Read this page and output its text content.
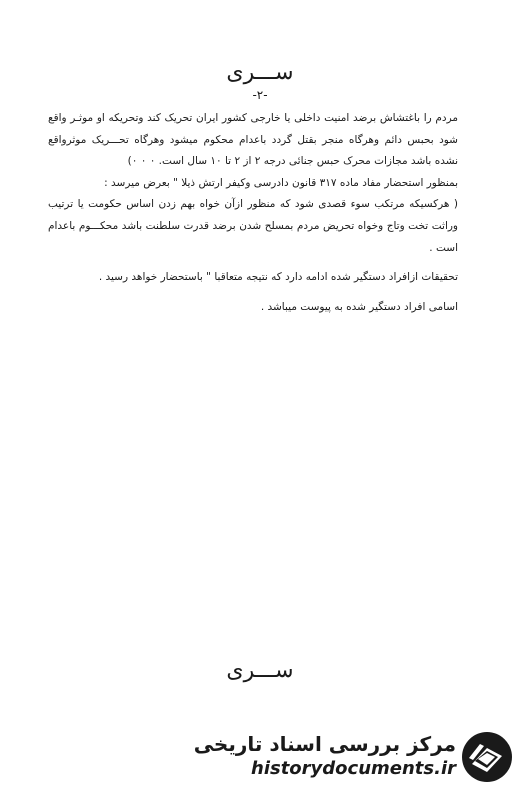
ســـرى
-۲-

مردم را باغتشاش برضد امنیت داخلی یا خارجی کشور ایران تحریک کند وتحریکه او موثـر واقع شود بحبس دائم وهرگاه منجر بقتل گردد باعدام محکوم میشود وهرگاه تحـــریک موثرواقع نشده باشد مجازات محرک حبس جنائی درجه ۲ از ۲ تا ۱۰ سال است. ۰ ۰ ۰)

بمنظور استحضار مفاد ماده ۳۱۷ قانون دادرسی وکیفر ارتش ذیلا " بعرض میرسد :

( هرکسیکه مرتکب سوء قصدی شود که منظور ازآن خواه بهم زدن اساس حکومت یا ترتیب وراثت تخت وتاج وخواه تحریض مردم بمسلح شدن برضد قدرت سلطنت باشد محکـــوم باعدام است .

تحقیقات ازافراد دستگیر شده ادامه دارد که نتیجه متعاقبا " باستحضار خواهد رسید .

اسامی افراد دستگیر شده به پیوست میباشد .

ســـرى
مرکز بررسی اسناد تاریخی
historydocuments.ir
